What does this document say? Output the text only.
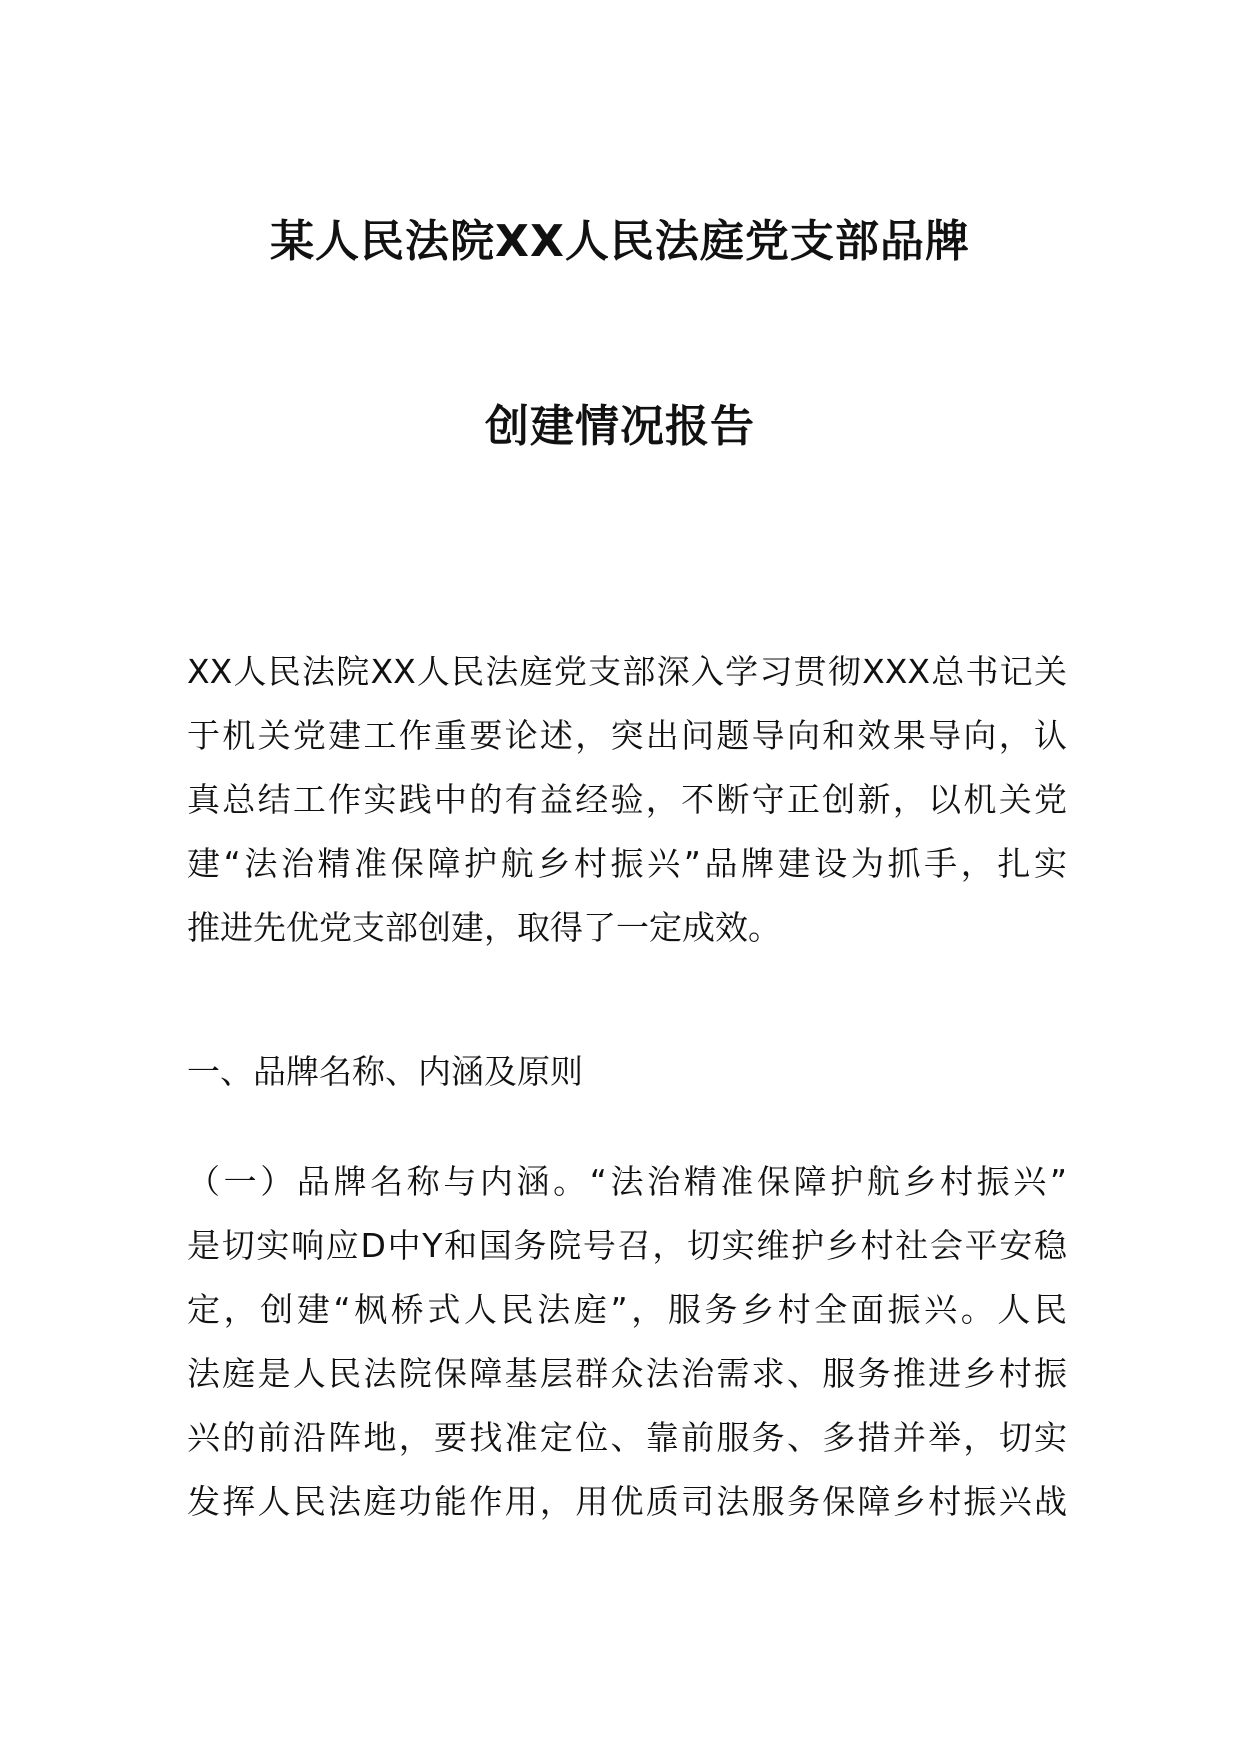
某人民法院XX人民法庭党支部品牌
创建情况报告
XX人民法院XX人民法庭党支部深入学习贯彻XXX总书记关
于机关党建工作重要论述，突出问题导向和效果导向，认
真总结工作实践中的有益经验，不断守正创新，以机关党
建“法治精准保障护航乡村振兴”品牌建设为抓手，扎实
推进先优党支部创建，取得了一定成效。
一、品牌名称、内涵及原则
（一）品牌名称与内涵。“法治精准保障护航乡村振兴”
是切实响应D中Y和国务院号召，切实维护乡村社会平安稳
定，创建“枫桥式人民法庭”，服务乡村全面振兴。人民
法庭是人民法院保障基层群众法治需求、服务推进乡村振
兴的前沿阵地，要找准定位、靠前服务、多措并举，切实
发挥人民法庭功能作用，用优质司法服务保障乡村振兴战
